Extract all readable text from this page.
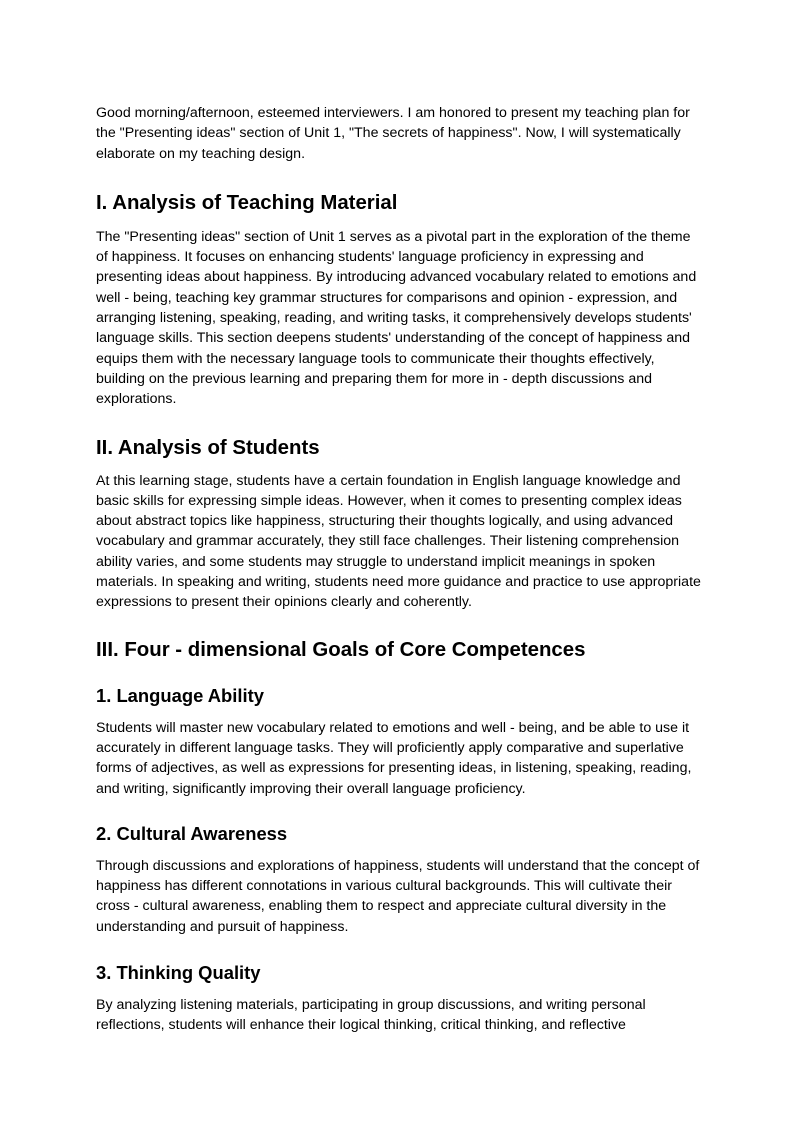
Good morning/afternoon, esteemed interviewers. I am honored to present my teaching plan for the "Presenting ideas" section of Unit 1, "The secrets of happiness". Now, I will systematically elaborate on my teaching design.

I. Analysis of Teaching Material

The "Presenting ideas" section of Unit 1 serves as a pivotal part in the exploration of the theme of happiness. It focuses on enhancing students' language proficiency in expressing and presenting ideas about happiness. By introducing advanced vocabulary related to emotions and well - being, teaching key grammar structures for comparisons and opinion - expression, and arranging listening, speaking, reading, and writing tasks, it comprehensively develops students' language skills. This section deepens students' understanding of the concept of happiness and equips them with the necessary language tools to communicate their thoughts effectively, building on the previous learning and preparing them for more in - depth discussions and explorations.

II. Analysis of Students

At this learning stage, students have a certain foundation in English language knowledge and basic skills for expressing simple ideas. However, when it comes to presenting complex ideas about abstract topics like happiness, structuring their thoughts logically, and using advanced vocabulary and grammar accurately, they still face challenges. Their listening comprehension ability varies, and some students may struggle to understand implicit meanings in spoken materials. In speaking and writing, students need more guidance and practice to use appropriate expressions to present their opinions clearly and coherently.

III. Four - dimensional Goals of Core Competences
1. Language Ability

Students will master new vocabulary related to emotions and well - being, and be able to use it accurately in different language tasks. They will proficiently apply comparative and superlative forms of adjectives, as well as expressions for presenting ideas, in listening, speaking, reading, and writing, significantly improving their overall language proficiency.

2. Cultural Awareness

Through discussions and explorations of happiness, students will understand that the concept of happiness has different connotations in various cultural backgrounds. This will cultivate their cross - cultural awareness, enabling them to respect and appreciate cultural diversity in the understanding and pursuit of happiness.

3. Thinking Quality

By analyzing listening materials, participating in group discussions, and writing personal reflections, students will enhance their logical thinking, critical thinking, and reflective
